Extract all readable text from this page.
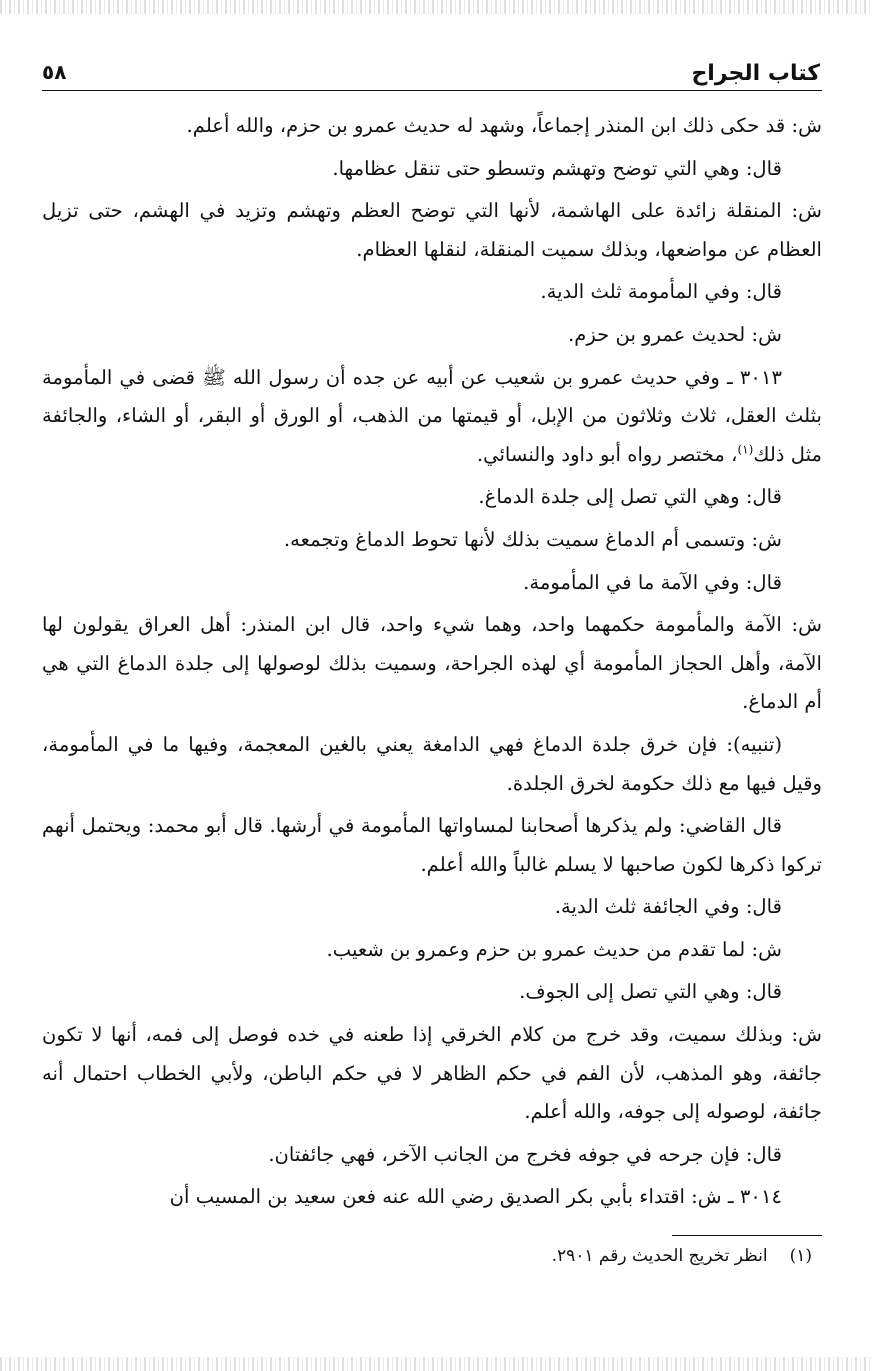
كتاب الجراح
٥٨

ش: قد حكى ذلك ابن المنذر إجماعاً، وشهد له حديث عمرو بن حزم، والله أعلم.

قال: وهي التي توضح وتهشم وتسطو حتى تنقل عظامها.

ش: المنقلة زائدة على الهاشمة، لأنها التي توضح العظم وتهشم وتزيد في الهشم، حتى تزيل العظام عن مواضعها، وبذلك سميت المنقلة، لنقلها العظام.

قال: وفي المأمومة ثلث الدية.

ش: لحديث عمرو بن حزم.

٣٠١٣ ـ وفي حديث عمرو بن شعيب عن أبيه عن جده أن رسول الله ﷺ قضى في المأمومة بثلث العقل، ثلاث وثلاثون من الإبل، أو قيمتها من الذهب، أو الورق أو البقر، أو الشاء، والجائفة مثل ذلك$^{(١)}$، مختصر رواه أبو داود والنسائي.

قال: وهي التي تصل إلى جلدة الدماغ.

ش: وتسمى أم الدماغ سميت بذلك لأنها تحوط الدماغ وتجمعه.

قال: وفي الآمة ما في المأمومة.

ش: الآمة والمأمومة حكمهما واحد، وهما شيء واحد، قال ابن المنذر: أهل العراق يقولون لها الآمة، وأهل الحجاز المأمومة أي لهذه الجراحة، وسميت بذلك لوصولها إلى جلدة الدماغ التي هي أم الدماغ.

(تنبيه): فإن خرق جلدة الدماغ فهي الدامغة يعني بالغين المعجمة، وفيها ما في المأمومة، وقيل فيها مع ذلك حكومة لخرق الجلدة.

قال القاضي: ولم يذكرها أصحابنا لمساواتها المأمومة في أرشها. قال أبو محمد: ويحتمل أنهم تركوا ذكرها لكون صاحبها لا يسلم غالباً والله أعلم.

قال: وفي الجائفة ثلث الدية.

ش: لما تقدم من حديث عمرو بن حزم وعمرو بن شعيب.

قال: وهي التي تصل إلى الجوف.

ش: وبذلك سميت، وقد خرج من كلام الخرقي إذا طعنه في خده فوصل إلى فمه، أنها لا تكون جائفة، وهو المذهب، لأن الفم في حكم الظاهر لا في حكم الباطن، ولأبي الخطاب احتمال أنه جائفة، لوصوله إلى جوفه، والله أعلم.

قال: فإن جرحه في جوفه فخرج من الجانب الآخر، فهي جائفتان.

٣٠١٤ ـ ش: اقتداء بأبي بكر الصديق رضي الله عنه فعن سعيد بن المسيب أن

(١)انظر تخريج الحديث رقم ٢٩٠١.
